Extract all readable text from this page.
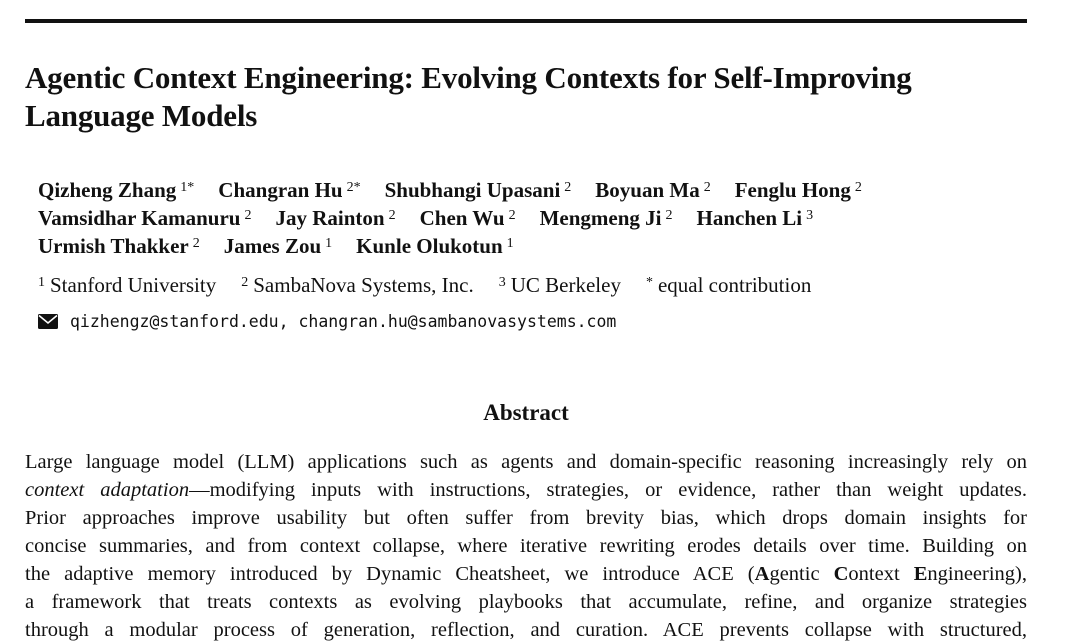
Agentic Context Engineering: Evolving Contexts for Self-Improving Language Models
Qizheng Zhang $^{1*}$ Changran Hu $^{2*}$ Shubhangi Upasani $^2$ Boyuan Ma $^2$ Fenglu Hong $^2$
Vamsidhar Kamanuru $^2$ Jay Rainton $^2$ Chen Wu $^2$ Mengmeng Ji $^2$ Hanchen Li $^3$
Urmish Thakker $^2$ James Zou $^1$ Kunle Olukotun $^1$
$^1$ Stanford University $^2$ SambaNova Systems, Inc. $^3$ UC Berkeley * equal contribution
qizhengz@stanford.edu, changran.hu@sambanovasystems.com
Abstract
Large language model (LLM) applications such as agents and domain-specific reasoning increasingly rely on
context adaptation—modifying inputs with instructions, strategies, or evidence, rather than weight updates.
Prior approaches improve usability but often suffer from brevity bias, which drops domain insights for
concise summaries, and from context collapse, where iterative rewriting erodes details over time. Building on
the adaptive memory introduced by Dynamic Cheatsheet, we introduce ACE (Agentic Context Engineering),
a framework that treats contexts as evolving playbooks that accumulate, refine, and organize strategies
through a modular process of generation, reflection, and curation. ACE prevents collapse with structured,
